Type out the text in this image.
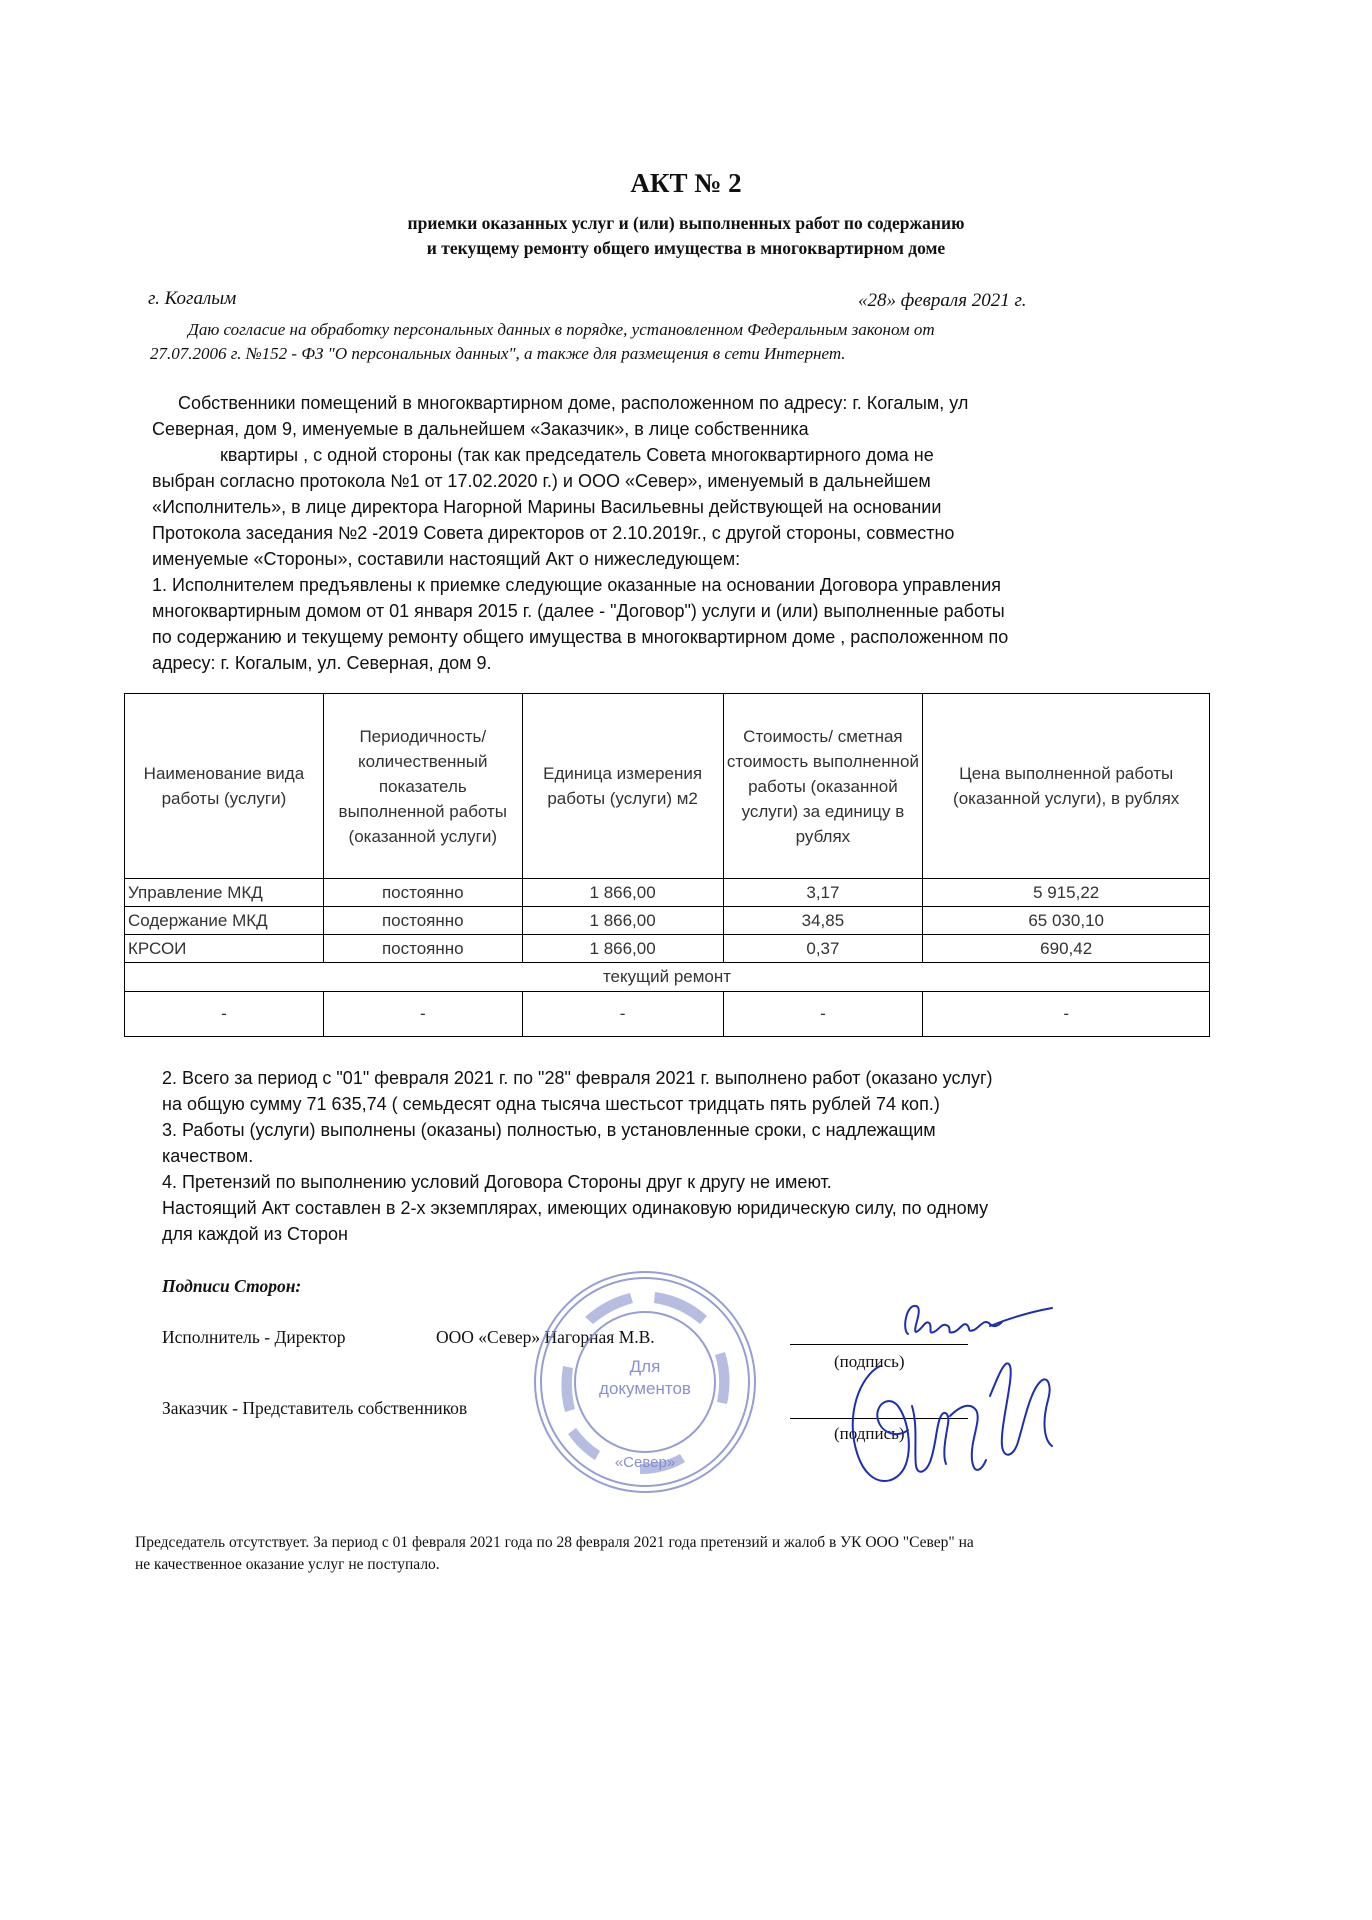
АКТ № 2
приемки оказанных услуг и (или) выполненных работ по содержанию
и текущему ремонту общего имущества в многоквартирном доме
г. Когалым	«28» февраля 2021 г.
Даю согласие на обработку персональных данных в порядке, установленном Федеральным законом от
27.07.2006 г. №152 - ФЗ "О персональных данных", а также для размещения в сети Интернет.
Собственники помещений в многоквартирном доме, расположенном по адресу: г. Когалым, ул
Северная, дом 9, именуемые в дальнейшем «Заказчик», в лице собственника
квартиры , с одной стороны (так как председатель Совета многоквартирного дома не
выбран согласно протокола №1 от 17.02.2020 г.) и ООО «Север», именуемый в дальнейшем
«Исполнитель», в лице директора Нагорной Марины Васильевны действующей на основании
Протокола заседания №2 -2019 Совета директоров от 2.10.2019г., с другой стороны, совместно
именуемые «Стороны», составили настоящий Акт о нижеследующем:
1. Исполнителем предъявлены к приемке следующие оказанные на основании Договора управления
многоквартирным домом от 01 января 2015 г. (далее - "Договор") услуги и (или) выполненные работы
по содержанию и текущему ремонту общего имущества в многоквартирном доме , расположенном по
адресу: г. Когалым, ул. Северная, дом 9.
Наименование вида работы (услуги)	Периодичность/ количественный показатель выполненной работы (оказанной услуги)	Единица измерения работы (услуги) м2	Стоимость/ сметная стоимость выполненной работы (оказанной услуги) за единицу в рублях	Цена выполненной работы (оказанной услуги), в рублях
Управление МКД	постоянно	1 866,00	3,17	5 915,22
Содержание МКД	постоянно	1 866,00	34,85	65 030,10
КРСОИ	постоянно	1 866,00	0,37	690,42
текущий ремонт				
-	-	-	-	-
2. Всего за период с "01" февраля 2021 г. по "28" февраля 2021 г. выполнено работ (оказано услуг)
на общую сумму 71 635,74 ( семьдесят одна тысяча шестьсот тридцать пять рублей 74 коп.)
3. Работы (услуги) выполнены (оказаны) полностью, в установленные сроки, с надлежащим
качеством.
4. Претензий по выполнению условий Договора Стороны друг к другу не имеют.
Настоящий Акт составлен в 2-х экземплярах, имеющих одинаковую юридическую силу, по одному
для каждой из Сторон
Подписи Сторон:
Исполнитель - Директор	ООО «Север» Нагорная М.В.
(подпись)
Заказчик - Представитель собственников
(подпись)
Для
документов
«Север»
Председатель отсутствует. За период с 01 февраля 2021 года по 28 февраля 2021 года претензий и жалоб в УК ООО "Север" на
не качественное оказание услуг не поступало.
